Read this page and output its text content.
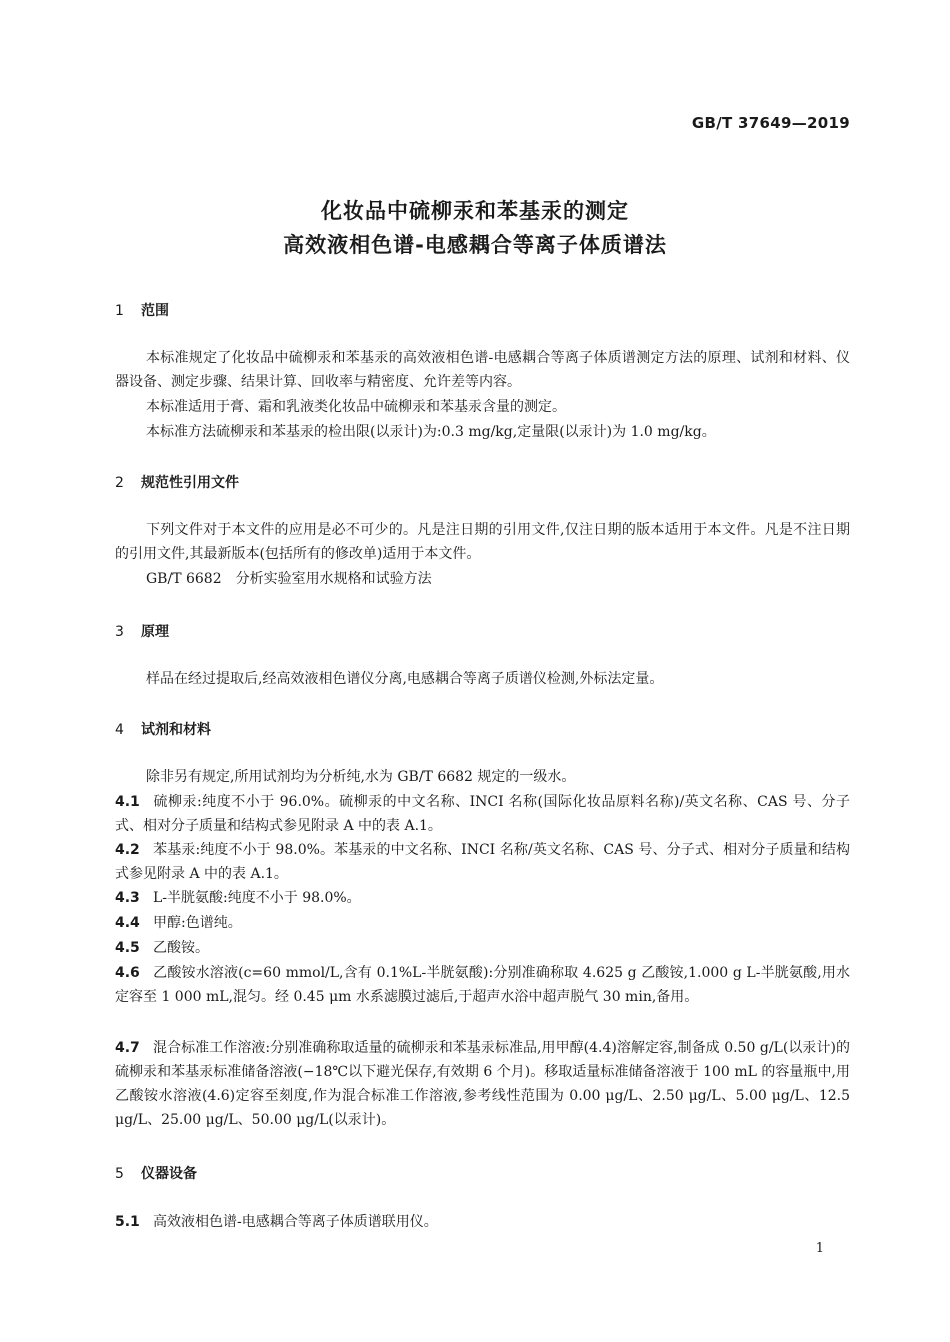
GB/T 37649—2019
化妆品中硫柳汞和苯基汞的测定
高效液相色谱-电感耦合等离子体质谱法
1 范围
本标准规定了化妆品中硫柳汞和苯基汞的高效液相色谱-电感耦合等离子体质谱测定方法的原理、试剂和材料、仪器设备、测定步骤、结果计算、回收率与精密度、允许差等内容。
本标准适用于膏、霜和乳液类化妆品中硫柳汞和苯基汞含量的测定。
本标准方法硫柳汞和苯基汞的检出限(以汞计)为:0.3 mg/kg,定量限(以汞计)为 1.0 mg/kg。
2 规范性引用文件
下列文件对于本文件的应用是必不可少的。凡是注日期的引用文件,仅注日期的版本适用于本文件。凡是不注日期的引用文件,其最新版本(包括所有的修改单)适用于本文件。
GB/T 6682　分析实验室用水规格和试验方法
3 原理
样品在经过提取后,经高效液相色谱仪分离,电感耦合等离子质谱仪检测,外标法定量。
4 试剂和材料
除非另有规定,所用试剂均为分析纯,水为 GB/T 6682 规定的一级水。
4.1 硫柳汞:纯度不小于 96.0%。硫柳汞的中文名称、INCI 名称(国际化妆品原料名称)/英文名称、CAS 号、分子式、相对分子质量和结构式参见附录 A 中的表 A.1。
4.2 苯基汞:纯度不小于 98.0%。苯基汞的中文名称、INCI 名称/英文名称、CAS 号、分子式、相对分子质量和结构式参见附录 A 中的表 A.1。
4.3 L-半胱氨酸:纯度不小于 98.0%。
4.4 甲醇:色谱纯。
4.5 乙酸铵。
4.6 乙酸铵水溶液(c=60 mmol/L,含有 0.1%L-半胱氨酸):分别准确称取 4.625 g 乙酸铵,1.000 g L-半胱氨酸,用水定容至 1 000 mL,混匀。经 0.45 μm 水系滤膜过滤后,于超声水浴中超声脱气 30 min,备用。
4.7 混合标准工作溶液:分别准确称取适量的硫柳汞和苯基汞标准品,用甲醇(4.4)溶解定容,制备成 0.50 g/L(以汞计)的硫柳汞和苯基汞标准储备溶液(−18℃以下避光保存,有效期 6 个月)。移取适量标准储备溶液于 100 mL 的容量瓶中,用乙酸铵水溶液(4.6)定容至刻度,作为混合标准工作溶液,参考线性范围为 0.00 μg/L、2.50 μg/L、5.00 μg/L、12.5 μg/L、25.00 μg/L、50.00 μg/L(以汞计)。
5 仪器设备
5.1 高效液相色谱-电感耦合等离子体质谱联用仪。
1
